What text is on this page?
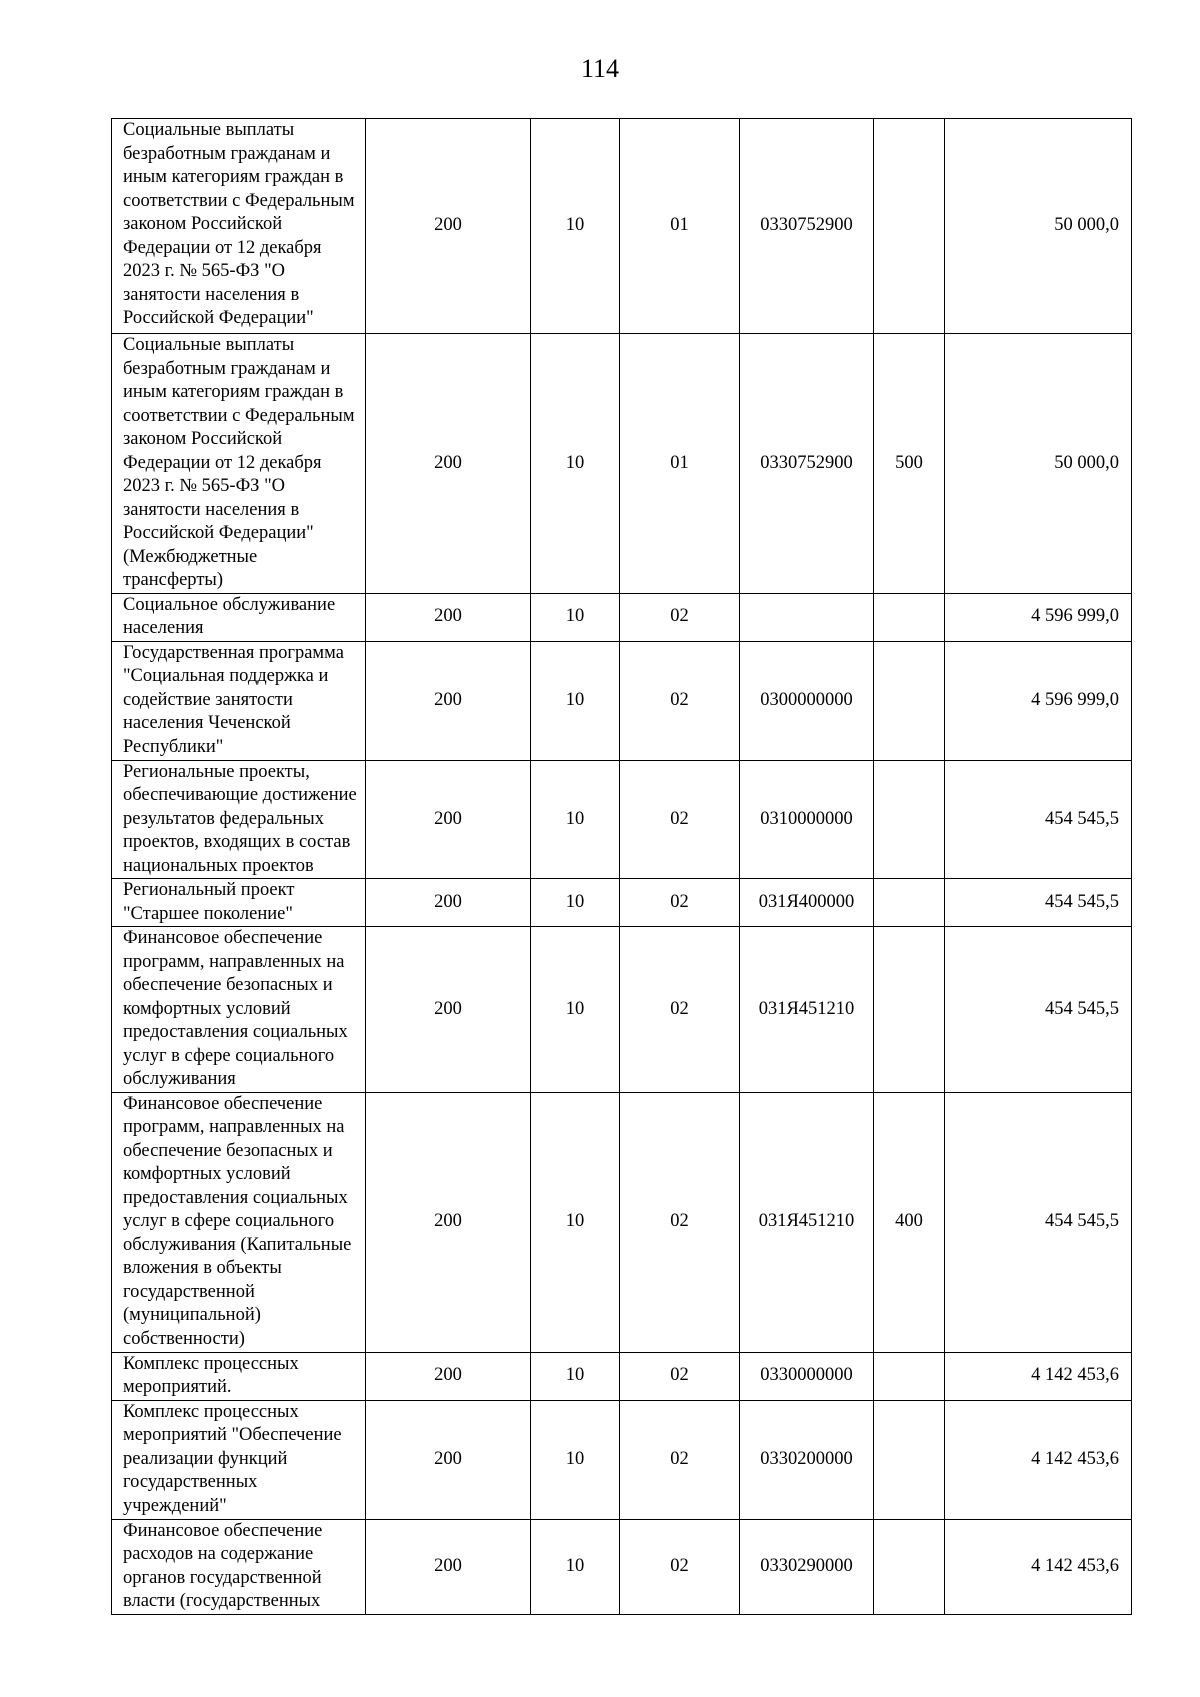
114
Социальные выплаты безработным гражданам и иным категориям граждан в соответствии с Федеральным законом Российской Федерации от 12 декабря 2023 г. № 565-ФЗ "О занятости населения в Российской Федерации"	200	10	01	0330752900		50 000,0
Социальные выплаты безработным гражданам и иным категориям граждан в соответствии с Федеральным законом Российской Федерации от 12 декабря 2023 г. № 565-ФЗ "О занятости населения в Российской Федерации" (Межбюджетные трансферты)	200	10	01	0330752900	500	50 000,0
Социальное обслуживание населения	200	10	02			4 596 999,0
Государственная программа "Социальная поддержка и содействие занятости населения Чеченской Республики"	200	10	02	0300000000		4 596 999,0
Региональные проекты, обеспечивающие достижение результатов федеральных проектов, входящих в состав национальных проектов	200	10	02	0310000000		454 545,5
Региональный проект "Старшее поколение"	200	10	02	031Я400000		454 545,5
Финансовое обеспечение программ, направленных на обеспечение безопасных и комфортных условий предоставления социальных услуг в сфере социального обслуживания	200	10	02	031Я451210		454 545,5
Финансовое обеспечение программ, направленных на обеспечение безопасных и комфортных условий предоставления социальных услуг в сфере социального обслуживания (Капитальные вложения в объекты государственной (муниципальной) собственности)	200	10	02	031Я451210	400	454 545,5
Комплекс процессных мероприятий.	200	10	02	0330000000		4 142 453,6
Комплекс процессных мероприятий "Обеспечение реализации функций государственных учреждений"	200	10	02	0330200000		4 142 453,6
Финансовое обеспечение расходов на содержание органов государственной власти (государственных	200	10	02	0330290000		4 142 453,6
